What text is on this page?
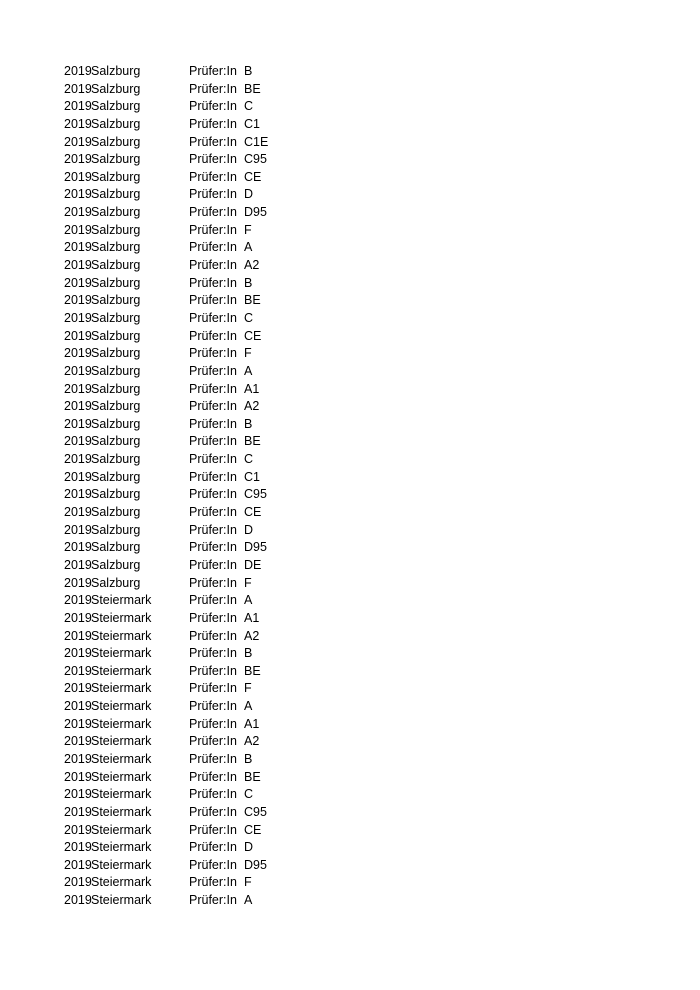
2019 Salzburg	Prüfer:In B
2019 Salzburg	Prüfer:In BE
2019 Salzburg	Prüfer:In C
2019 Salzburg	Prüfer:In C1
2019 Salzburg	Prüfer:In C1E
2019 Salzburg	Prüfer:In C95
2019 Salzburg	Prüfer:In CE
2019 Salzburg	Prüfer:In D
2019 Salzburg	Prüfer:In D95
2019 Salzburg	Prüfer:In F
2019 Salzburg	Prüfer:In A
2019 Salzburg	Prüfer:In A2
2019 Salzburg	Prüfer:In B
2019 Salzburg	Prüfer:In BE
2019 Salzburg	Prüfer:In C
2019 Salzburg	Prüfer:In CE
2019 Salzburg	Prüfer:In F
2019 Salzburg	Prüfer:In A
2019 Salzburg	Prüfer:In A1
2019 Salzburg	Prüfer:In A2
2019 Salzburg	Prüfer:In B
2019 Salzburg	Prüfer:In BE
2019 Salzburg	Prüfer:In C
2019 Salzburg	Prüfer:In C1
2019 Salzburg	Prüfer:In C95
2019 Salzburg	Prüfer:In CE
2019 Salzburg	Prüfer:In D
2019 Salzburg	Prüfer:In D95
2019 Salzburg	Prüfer:In DE
2019 Salzburg	Prüfer:In F
2019 Steiermark	Prüfer:In A
2019 Steiermark	Prüfer:In A1
2019 Steiermark	Prüfer:In A2
2019 Steiermark	Prüfer:In B
2019 Steiermark	Prüfer:In BE
2019 Steiermark	Prüfer:In F
2019 Steiermark	Prüfer:In A
2019 Steiermark	Prüfer:In A1
2019 Steiermark	Prüfer:In A2
2019 Steiermark	Prüfer:In B
2019 Steiermark	Prüfer:In BE
2019 Steiermark	Prüfer:In C
2019 Steiermark	Prüfer:In C95
2019 Steiermark	Prüfer:In CE
2019 Steiermark	Prüfer:In D
2019 Steiermark	Prüfer:In D95
2019 Steiermark	Prüfer:In F
2019 Steiermark	Prüfer:In A
